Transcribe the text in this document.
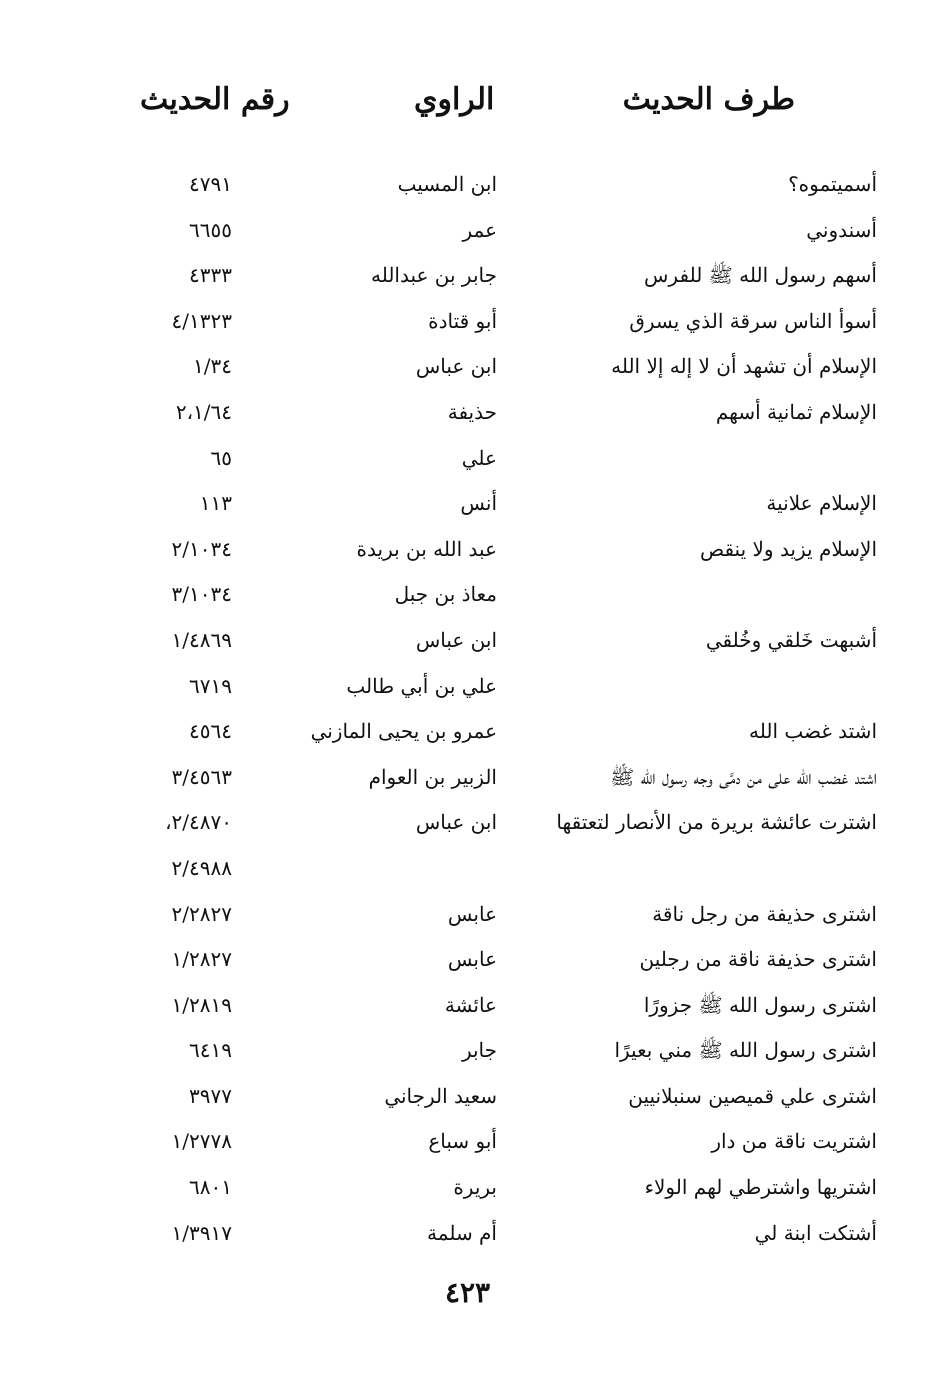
طرف الحديث
الراوي
رقم الحديث
أسميتموه؟
ابن المسيب
٤٧٩١
أسندوني
عمر
٦٦٥٥
أسهم رسول الله ﷺ للفرس
جابر بن عبدالله
٤٣٣٣
أسوأ الناس سرقة الذي يسرق
أبو قتادة
٤/١٣٢٣
الإسلام أن تشهد أن لا إله إلا الله
ابن عباس
١/٣٤
الإسلام ثمانية أسهم
حذيفة
٢،١/٦٤
علي
٦٥
الإسلام علانية
أنس
١١٣
الإسلام يزيد ولا ينقص
عبد الله بن بريدة
٢/١٠٣٤
معاذ بن جبل
٣/١٠٣٤
أشبهت خَلقي وخُلقي
ابن عباس
١/٤٨٦٩
علي بن أبي طالب
٦٧١٩
اشتد غضب الله
عمرو بن يحيى المازني
٤٥٦٤
اشتد غضب الله على من دمَّى وجه رسول الله ﷺ
الزبير بن العوام
٣/٤٥٦٣
اشترت عائشة بريرة من الأنصار لتعتقها
ابن عباس
٢/٤٨٧٠،
٢/٤٩٨٨
اشترى حذيفة من رجل ناقة
عابس
٢/٢٨٢٧
اشترى حذيفة ناقة من رجلين
عابس
١/٢٨٢٧
اشترى رسول الله ﷺ جزورًا
عائشة
١/٢٨١٩
اشترى رسول الله ﷺ مني بعيرًا
جابر
٦٤١٩
اشترى علي قميصين سنبلانيين
سعيد الرجاني
٣٩٧٧
اشتريت ناقة من دار
أبو سباع
١/٢٧٧٨
اشتريها واشترطي لهم الولاء
بريرة
٦٨٠١
أشتكت ابنة لي
أم سلمة
١/٣٩١٧
٤٢٣
